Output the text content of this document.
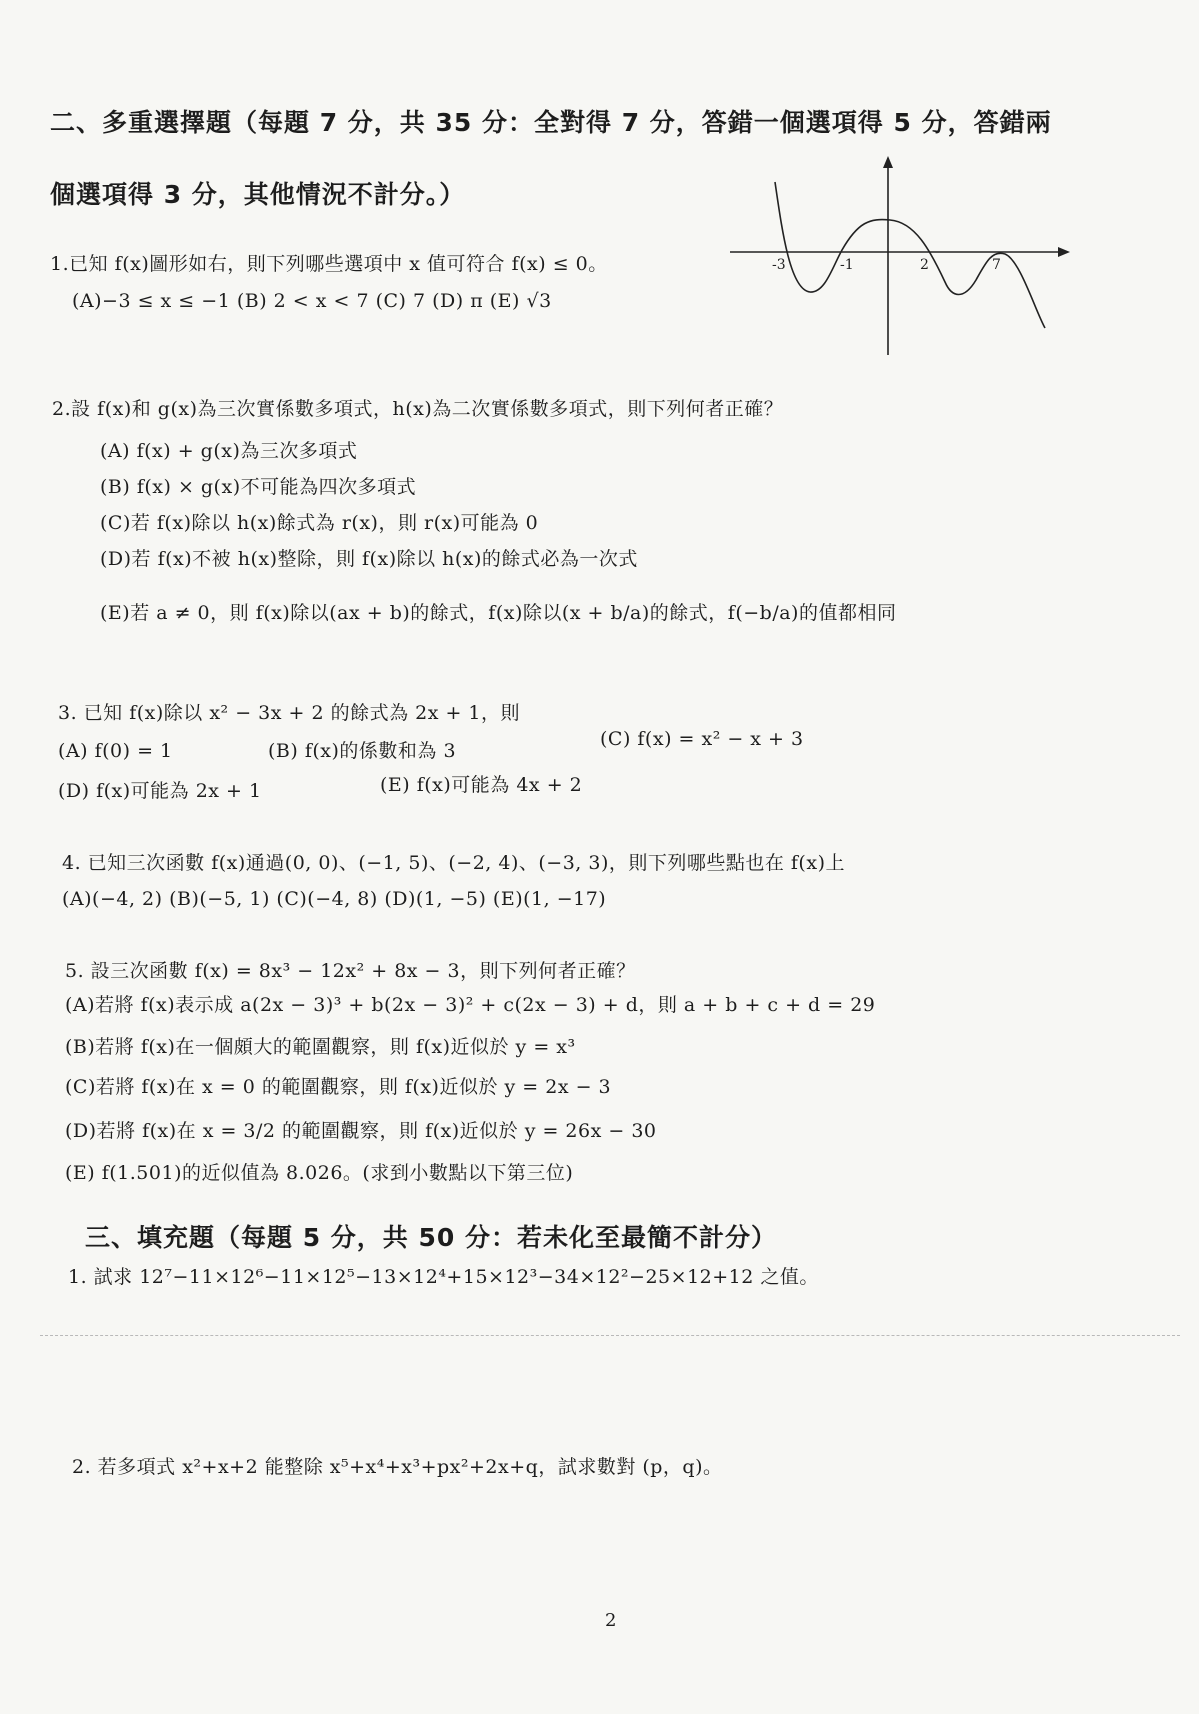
二、多重選擇題（每題 7 分，共 35 分：全對得 7 分，答錯一個選項得 5 分，答錯兩
個選項得 3 分，其他情況不計分。）
1.已知 f(x)圖形如右，則下列哪些選項中 x 值可符合 f(x) ≤ 0。
(A)−3 ≤ x ≤ −1 (B) 2 < x < 7 (C) 7 (D) π (E) √3
-3	-1	2	7
2.設 f(x)和 g(x)為三次實係數多項式，h(x)為二次實係數多項式，則下列何者正確？
(A) f(x) + g(x)為三次多項式
(B) f(x) × g(x)不可能為四次多項式
(C)若 f(x)除以 h(x)餘式為 r(x)，則 r(x)可能為 0
(D)若 f(x)不被 h(x)整除，則 f(x)除以 h(x)的餘式必為一次式
(E)若 a ≠ 0，則 f(x)除以(ax + b)的餘式，f(x)除以(x + b/a)的餘式，f(−b/a)的值都相同
3. 已知 f(x)除以 x² − 3x + 2 的餘式為 2x + 1，則
(A) f(0) = 1	(B) f(x)的係數和為 3
(C) f(x) = x² − x + 3
(D) f(x)可能為 2x + 1	(E) f(x)可能為 4x + 2
4. 已知三次函數 f(x)通過(0, 0)、(−1, 5)、(−2, 4)、(−3, 3)，則下列哪些點也在 f(x)上
(A)(−4, 2) (B)(−5, 1) (C)(−4, 8) (D)(1, −5) (E)(1, −17)
5. 設三次函數 f(x) = 8x³ − 12x² + 8x − 3，則下列何者正確？
(A)若將 f(x)表示成 a(2x − 3)³ + b(2x − 3)² + c(2x − 3) + d，則 a + b + c + d = 29
(B)若將 f(x)在一個頗大的範圍觀察，則 f(x)近似於 y = x³
(C)若將 f(x)在 x = 0 的範圍觀察，則 f(x)近似於 y = 2x − 3
(D)若將 f(x)在 x = 3/2 的範圍觀察，則 f(x)近似於 y = 26x − 30
(E) f(1.501)的近似值為 8.026。(求到小數點以下第三位)
三、填充題（每題 5 分，共 50 分：若未化至最簡不計分）
1. 試求 12⁷−11×12⁶−11×12⁵−13×12⁴+15×12³−34×12²−25×12+12 之值。
2. 若多項式 x²+x+2 能整除 x⁵+x⁴+x³+px²+2x+q，試求數對 (p，q)。
2
